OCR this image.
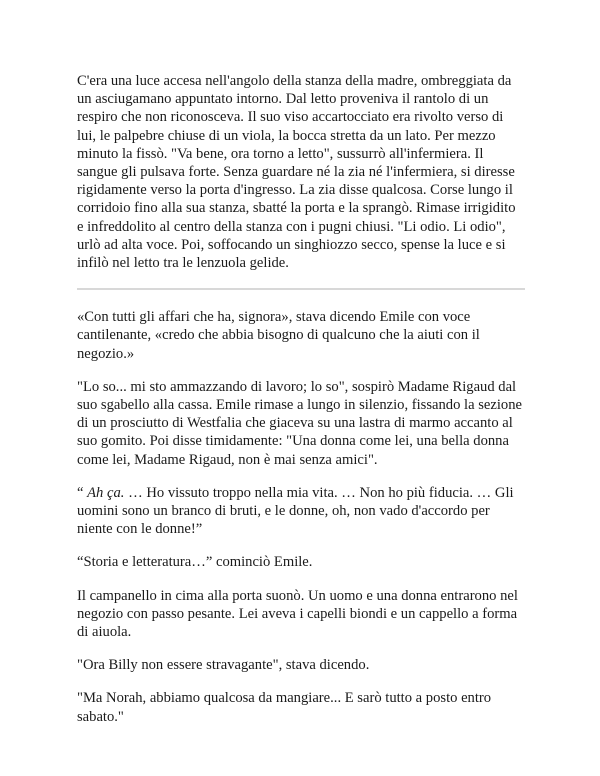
C'era una luce accesa nell'angolo della stanza della madre, ombreggiata da un asciugamano appuntato intorno. Dal letto proveniva il rantolo di un respiro che non riconosceva. Il suo viso accartocciato era rivolto verso di lui, le palpebre chiuse di un viola, la bocca stretta da un lato. Per mezzo minuto la fissò. "Va bene, ora torno a letto", sussurrò all'infermiera. Il sangue gli pulsava forte. Senza guardare né la zia né l'infermiera, si diresse rigidamente verso la porta d'ingresso. La zia disse qualcosa. Corse lungo il corridoio fino alla sua stanza, sbatté la porta e la sprangò. Rimase irrigidito e infreddolito al centro della stanza con i pugni chiusi. "Li odio. Li odio", urlò ad alta voce. Poi, soffocando un singhiozzo secco, spense la luce e si infilò nel letto tra le lenzuola gelide.

«Con tutti gli affari che ha, signora», stava dicendo Emile con voce cantilenante, «credo che abbia bisogno di qualcuno che la aiuti con il negozio.»

"Lo so... mi sto ammazzando di lavoro; lo so", sospirò Madame Rigaud dal suo sgabello alla cassa. Emile rimase a lungo in silenzio, fissando la sezione di un prosciutto di Westfalia che giaceva su una lastra di marmo accanto al suo gomito. Poi disse timidamente: "Una donna come lei, una bella donna come lei, Madame Rigaud, non è mai senza amici".

“ Ah ça. … Ho vissuto troppo nella mia vita. … Non ho più fiducia. … Gli uomini sono un branco di bruti, e le donne, oh, non vado d'accordo per niente con le donne!”

“Storia e letteratura…” cominciò Emile.

Il campanello in cima alla porta suonò. Un uomo e una donna entrarono nel negozio con passo pesante. Lei aveva i capelli biondi e un cappello a forma di aiuola.

"Ora Billy non essere stravagante", stava dicendo.

"Ma Norah, abbiamo qualcosa da mangiare... E sarò tutto a posto entro sabato."
